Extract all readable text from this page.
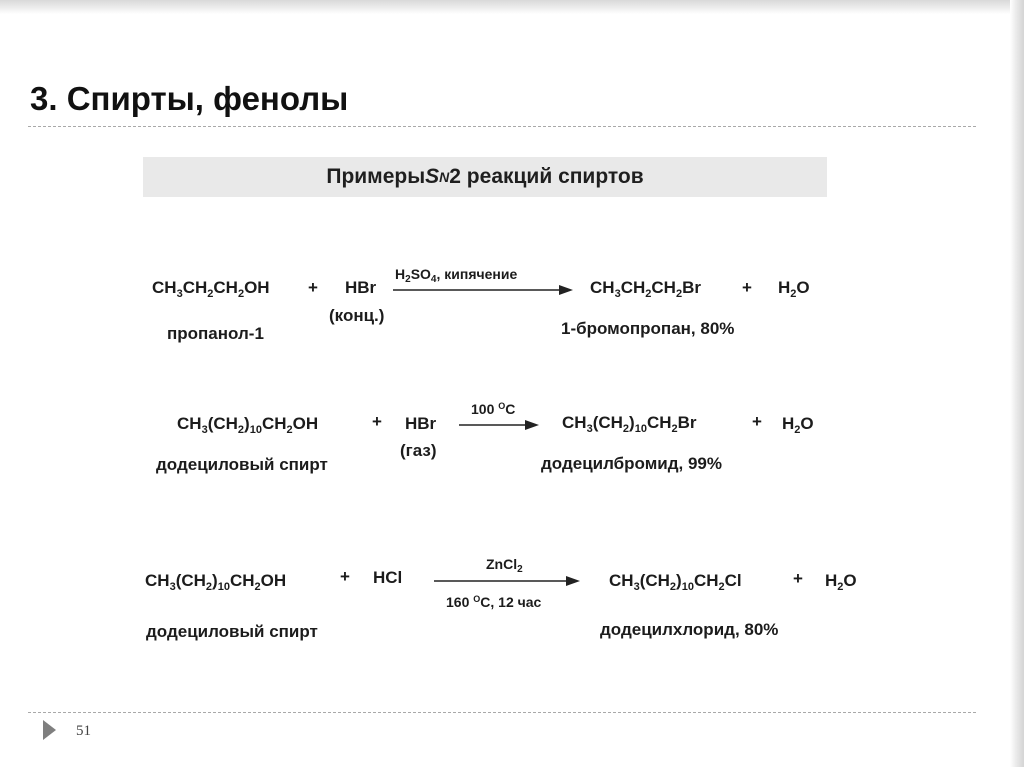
3. Спирты, фенолы
Примеры S N 2 реакций спиртов
$CH_3CH_2CH_2OH$ + HBr
(конц.)
$H_2SO_4$, кипячение
$CH_3CH_2CH_2Br + H_2O$
пропанол-1	1-бромопропан, 80%
$CH_3(CH_2)_{10}CH_2OH$	+ HBr
(газ)
100 $^O$C
$CH_3(CH_2)_{10}CH_2Br$	+ $H_2O$
додециловый спирт	додецилбромид, 99%
$CH_3(CH_2)_{10}CH_2OH$	+ HCl
ZnCl$_2$
160 $^O$C, 12 час
$CH_3(CH_2)_{10}CH_2Cl$	+ $H_2O$
додециловый спирт	додецилхлорид, 80%
51
